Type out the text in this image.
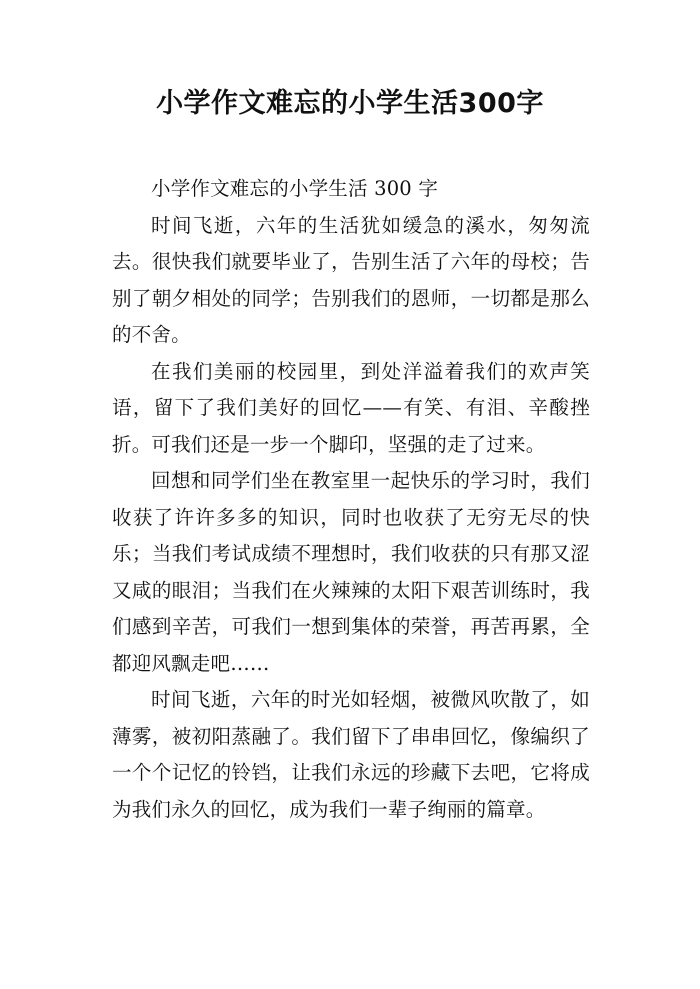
小学作文难忘的小学生活300字

小学作文难忘的小学生活 300 字

时间飞逝，六年的生活犹如缓急的溪水，匆匆流去。很快我们就要毕业了，告别生活了六年的母校；告别了朝夕相处的同学；告别我们的恩师，一切都是那么的不舍。

在我们美丽的校园里，到处洋溢着我们的欢声笑语，留下了我们美好的回忆——有笑、有泪、辛酸挫折。可我们还是一步一个脚印，坚强的走了过来。

回想和同学们坐在教室里一起快乐的学习时，我们收获了许许多多的知识，同时也收获了无穷无尽的快乐；当我们考试成绩不理想时，我们收获的只有那又涩又咸的眼泪；当我们在火辣辣的太阳下艰苦训练时，我们感到辛苦，可我们一想到集体的荣誉，再苦再累，全都迎风飘走吧……

时间飞逝，六年的时光如轻烟，被微风吹散了，如薄雾，被初阳蒸融了。我们留下了串串回忆，像编织了一个个记忆的铃铛，让我们永远的珍藏下去吧，它将成为我们永久的回忆，成为我们一辈子绚丽的篇章。
